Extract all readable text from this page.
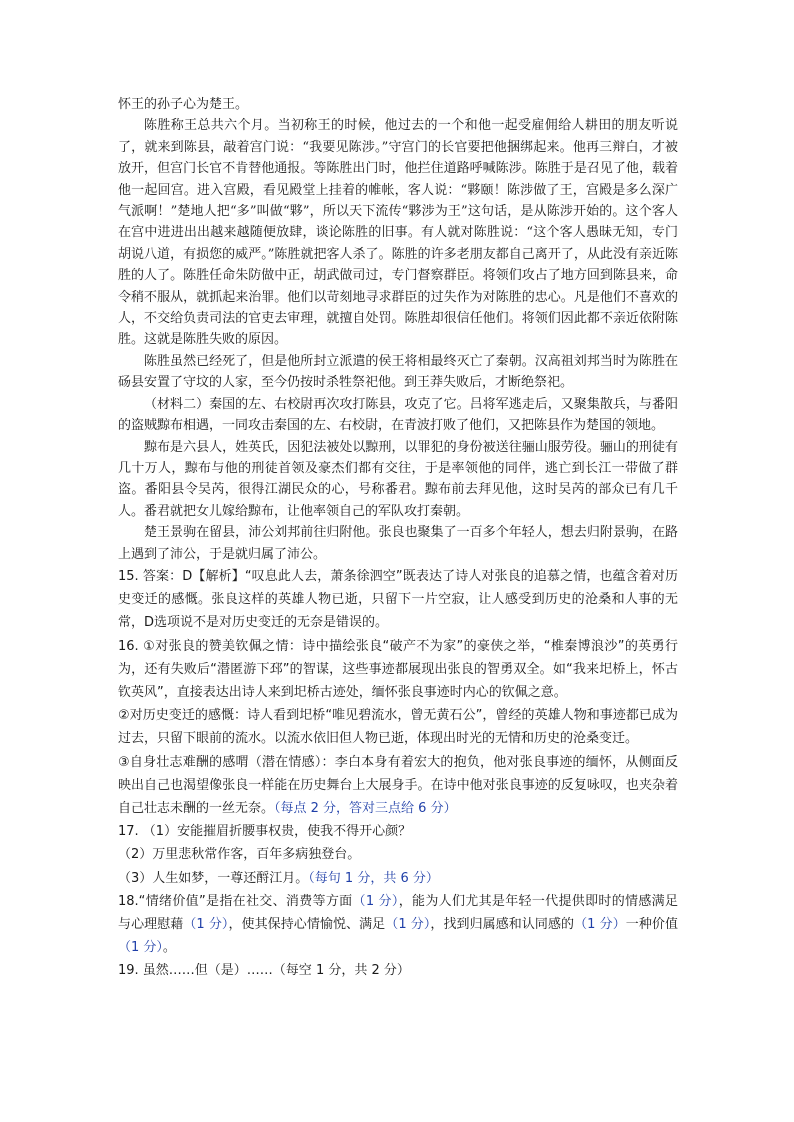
怀王的孙子心为楚王。

陈胜称王总共六个月。当初称王的时候，他过去的一个和他一起受雇佣给人耕田的朋友听说了，就来到陈县，敲着宫门说：“我要见陈涉。”守宫门的长官要把他捆绑起来。他再三辩白，才被放开，但宫门长官不肯替他通报。等陈胜出门时，他拦住道路呼喊陈涉。陈胜于是召见了他，载着他一起回宫。进入宫殿，看见殿堂上挂着的帷帐，客人说：“夥颐！陈涉做了王，宫殿是多么深广气派啊！”楚地人把“多”叫做“夥”，所以天下流传“夥涉为王”这句话，是从陈涉开始的。这个客人在宫中进进出出越来越随便放肆，谈论陈胜的旧事。有人就对陈胜说：“这个客人愚昧无知，专门胡说八道，有损您的威严。”陈胜就把客人杀了。陈胜的许多老朋友都自己离开了，从此没有亲近陈胜的人了。陈胜任命朱防做中正，胡武做司过，专门督察群臣。将领们攻占了地方回到陈县来，命令稍不服从，就抓起来治罪。他们以苛刻地寻求群臣的过失作为对陈胜的忠心。凡是他们不喜欢的人，不交给负责司法的官吏去审理，就擅自处罚。陈胜却很信任他们。将领们因此都不亲近依附陈胜。这就是陈胜失败的原因。

陈胜虽然已经死了，但是他所封立派遣的侯王将相最终灭亡了秦朝。汉高祖刘邦当时为陈胜在砀县安置了守坟的人家，至今仍按时杀牲祭祀他。到王莽失败后，才断绝祭祀。

（材料二）秦国的左、右校尉再次攻打陈县，攻克了它。吕将军逃走后，又聚集散兵，与番阳的盗贼黥布相遇，一同攻击秦国的左、右校尉，在青波打败了他们，又把陈县作为楚国的领地。

黥布是六县人，姓英氏，因犯法被处以黥刑，以罪犯的身份被送往骊山服劳役。骊山的刑徒有几十万人，黥布与他的刑徒首领及豪杰们都有交往，于是率领他的同伴，逃亡到长江一带做了群盗。番阳县令吴芮，很得江湖民众的心，号称番君。黥布前去拜见他，这时吴芮的部众已有几千人。番君就把女儿嫁给黥布，让他率领自己的军队攻打秦朝。

楚王景驹在留县，沛公刘邦前往归附他。张良也聚集了一百多个年轻人，想去归附景驹，在路上遇到了沛公，于是就归属了沛公。

15. 答案：D【解析】“叹息此人去，萧条徐泗空”既表达了诗人对张良的追慕之情，也蕴含着对历史变迁的感慨。张良这样的英雄人物已逝，只留下一片空寂，让人感受到历史的沧桑和人事的无常，D选项说不是对历史变迁的无奈是错误的。

16. ①对张良的赞美钦佩之情：诗中描绘张良“破产不为家”的豪侠之举，“椎秦博浪沙”的英勇行为，还有失败后“潜匿游下邳”的智谋，这些事迹都展现出张良的智勇双全。如“我来圯桥上，怀古钦英风”，直接表达出诗人来到圯桥古迹处，缅怀张良事迹时内心的钦佩之意。

②对历史变迁的感慨：诗人看到圯桥“唯见碧流水，曾无黄石公”，曾经的英雄人物和事迹都已成为过去，只留下眼前的流水。以流水依旧但人物已逝，体现出时光的无情和历史的沧桑变迁。

③自身壮志难酬的感喟（潜在情感）：李白本身有着宏大的抱负，他对张良事迹的缅怀，从侧面反映出自己也渴望像张良一样能在历史舞台上大展身手。在诗中他对张良事迹的反复咏叹，也夹杂着自己壮志未酬的一丝无奈。（每点 2 分，答对三点给 6 分）

17. （1）安能摧眉折腰事权贵，使我不得开心颜？

（2）万里悲秋常作客，百年多病独登台。

（3）人生如梦，一尊还酹江月。（每句 1 分，共 6 分）

18.“情绪价值”是指在社交、消费等方面（1 分），能为人们尤其是年轻一代提供即时的情感满足与心理慰藉（1 分），使其保持心情愉悦、满足（1 分），找到归属感和认同感的（1 分）一种价值（1 分）。

19. 虽然……但（是）……（每空 1 分，共 2 分）
